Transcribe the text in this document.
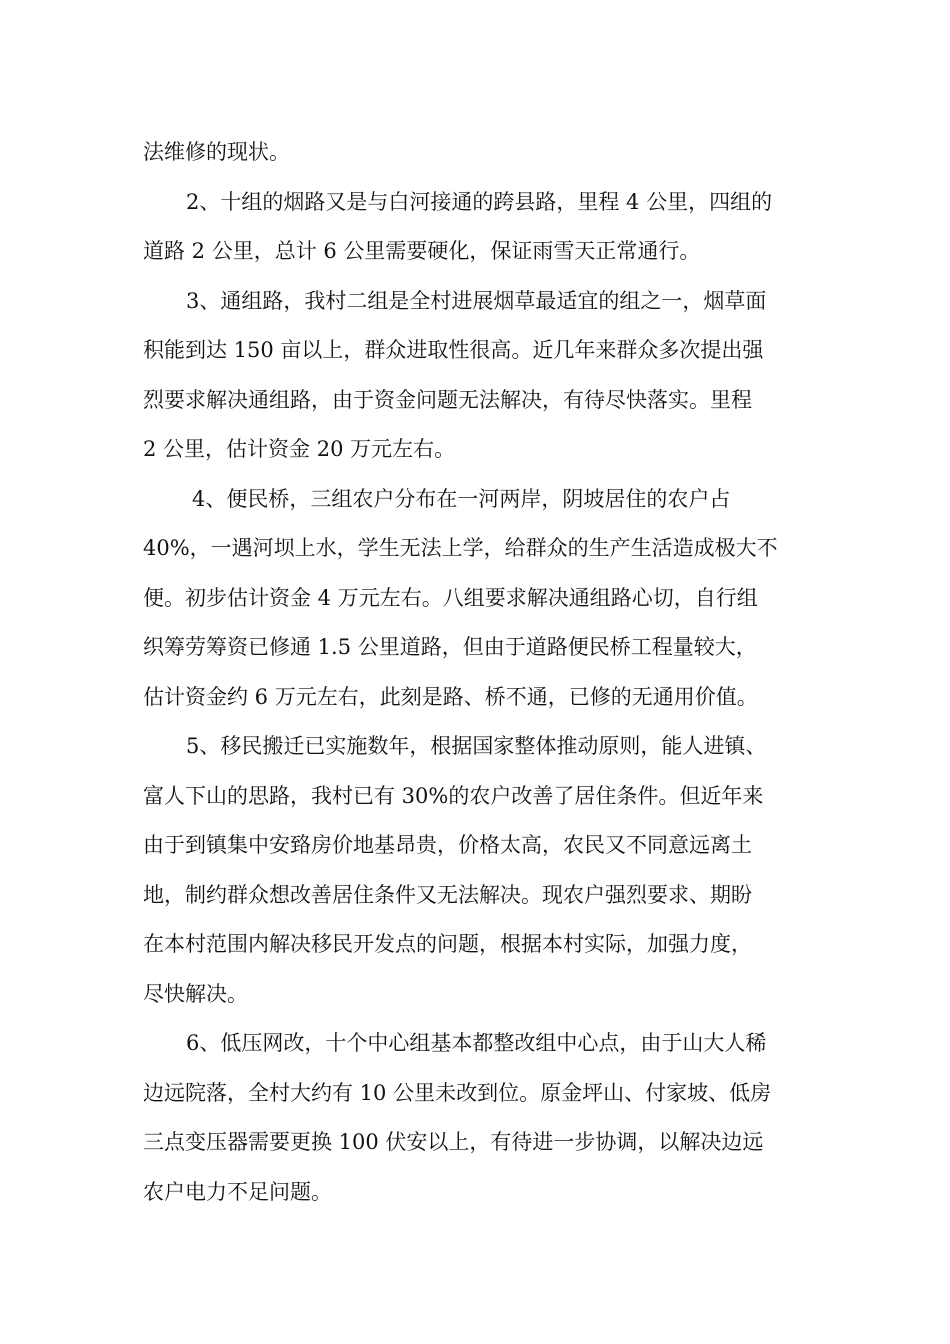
法维修的现状。
2、十组的烟路又是与白河接通的跨县路，里程 4 公里，四组的
道路 2 公里，总计 6 公里需要硬化，保证雨雪天正常通行。
3、通组路，我村二组是全村进展烟草最适宜的组之一，烟草面
积能到达 150 亩以上，群众进取性很高。近几年来群众多次提出强
烈要求解决通组路，由于资金问题无法解决，有待尽快落实。里程
2 公里，估计资金 20 万元左右。
4、便民桥，三组农户分布在一河两岸，阴坡居住的农户占
40%，一遇河坝上水，学生无法上学，给群众的生产生活造成极大不
便。初步估计资金 4 万元左右。八组要求解决通组路心切，自行组
织筹劳筹资已修通 1.5 公里道路，但由于道路便民桥工程量较大，
估计资金约 6 万元左右，此刻是路、桥不通，已修的无通用价值。
5、移民搬迁已实施数年，根据国家整体推动原则，能人进镇、
富人下山的思路，我村已有 30%的农户改善了居住条件。但近年来
由于到镇集中安臵房价地基昂贵，价格太高，农民又不同意远离土
地，制约群众想改善居住条件又无法解决。现农户强烈要求、期盼
在本村范围内解决移民开发点的问题，根据本村实际，加强力度，
尽快解决。
6、低压网改，十个中心组基本都整改组中心点，由于山大人稀
边远院落，全村大约有 10 公里未改到位。原金坪山、付家坡、低房
三点变压器需要更换 100 伏安以上，有待进一步协调，以解决边远
农户电力不足问题。
